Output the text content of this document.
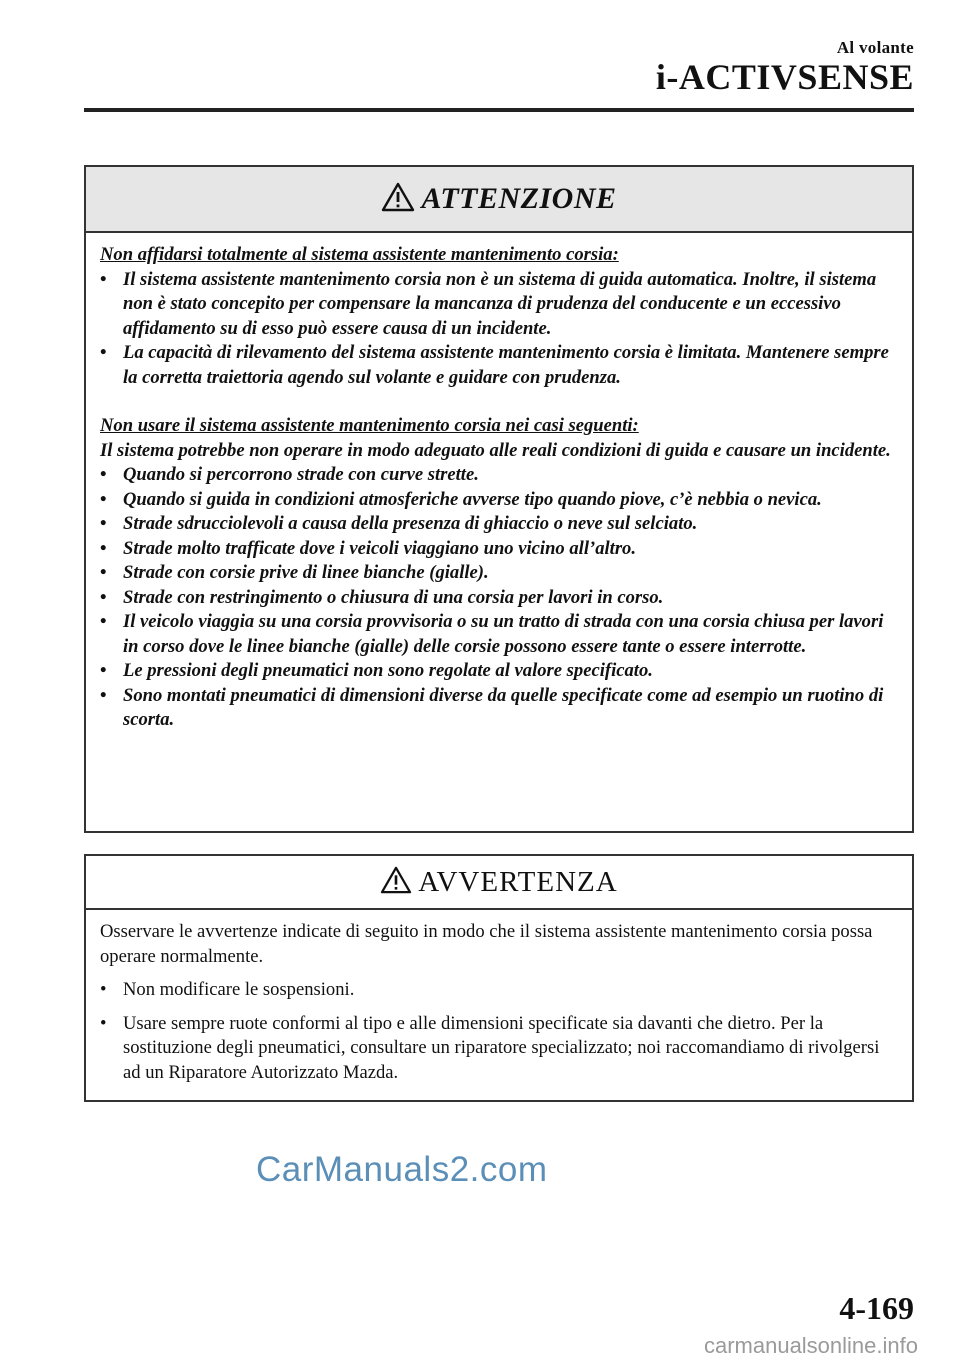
Al volante
i-ACTIVSENSE
ATTENZIONE
Non affidarsi totalmente al sistema assistente mantenimento corsia:
• Il sistema assistente mantenimento corsia non è un sistema di guida automatica. Inoltre, il sistema non è stato concepito per compensare la mancanza di prudenza del conducente e un eccessivo affidamento su di esso può essere causa di un incidente.
• La capacità di rilevamento del sistema assistente mantenimento corsia è limitata. Mantenere sempre la corretta traiettoria agendo sul volante e guidare con prudenza.
Non usare il sistema assistente mantenimento corsia nei casi seguenti:
Il sistema potrebbe non operare in modo adeguato alle reali condizioni di guida e causare un incidente.
• Quando si percorrono strade con curve strette.
• Quando si guida in condizioni atmosferiche avverse tipo quando piove, c’è nebbia o nevica.
• Strade sdrucciolevoli a causa della presenza di ghiaccio o neve sul selciato.
• Strade molto trafficate dove i veicoli viaggiano uno vicino all’altro.
• Strade con corsie prive di linee bianche (gialle).
• Strade con restringimento o chiusura di una corsia per lavori in corso.
• Il veicolo viaggia su una corsia provvisoria o su un tratto di strada con una corsia chiusa per lavori in corso dove le linee bianche (gialle) delle corsie possono essere tante o essere interrotte.
• Le pressioni degli pneumatici non sono regolate al valore specificato.
• Sono montati pneumatici di dimensioni diverse da quelle specificate come ad esempio un ruotino di scorta.
AVVERTENZA
Osservare le avvertenze indicate di seguito in modo che il sistema assistente mantenimento corsia possa operare normalmente.
• Non modificare le sospensioni.
• Usare sempre ruote conformi al tipo e alle dimensioni specificate sia davanti che dietro. Per la sostituzione degli pneumatici, consultare un riparatore specializzato; noi raccomandiamo di rivolgersi ad un Riparatore Autorizzato Mazda.
CarManuals2.com
4-169
carmanualsonline.info
